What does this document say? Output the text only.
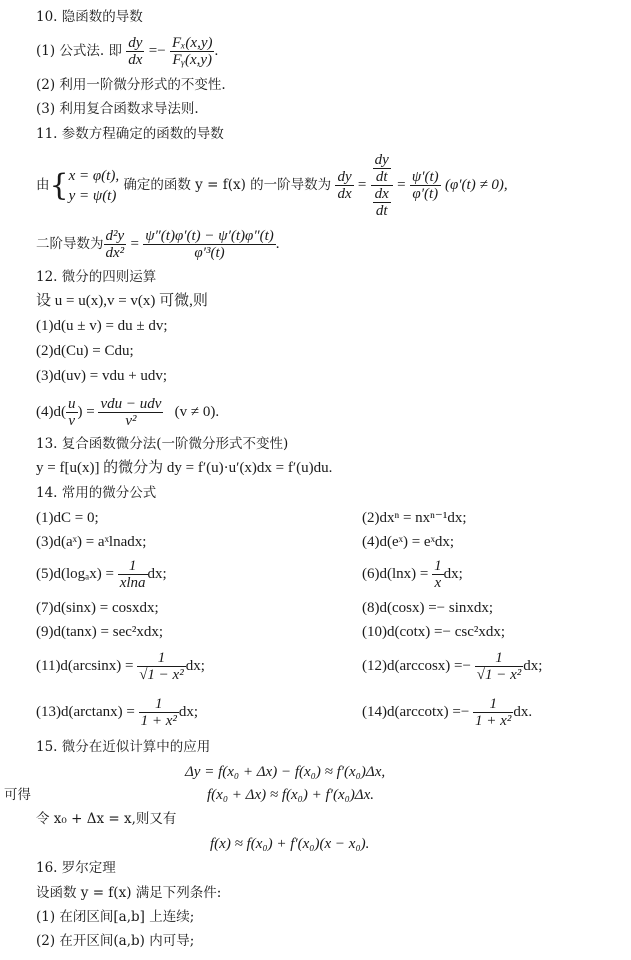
10. 隐函数的导数
(1) 公式法. 即 $\frac{dy}{dx} =- \frac{\text{Fₓ(x,y)}}{\text{Fᵧ(x,y)}}$ .
(2) 利用一阶微分形式的不变性.
(3) 利用复合函数求导法则.
11. 参数方程确定的函数的导数
由{ x = φ(t),
y = ψ(t)
确定的函数 y = f(x) 的一阶导数为 $\frac{dy}{dx} = \frac{dy}{dt}$
$\frac{dx}{dt}$
= $\frac{\psi'(t)}{\varphi'(t)} (\varphi'(t) \ne 0)$,
二阶导数为 $\frac{\text{d²y}}{\text{dx²}} = \frac{\psi''(t)\varphi'(t) - \psi'(t)\varphi''(t)}{\text{φ′³(t)}}$ .
12. 微分的四则运算
设 u = u(x),v = v(x) 可微,则
(1)d(u ± v) = du ± dv;
(2)d(Cu) = Cdu;
(3)d(uv) = vdu + udv;
$(4)d( \frac{u}{v}$ ) = vdu − udv
v²
(v ≠ 0).
13. 复合函数微分法(一阶微分形式不变性)
y = f[u(x)] 的微分为 dy = f′(u)·u′(x)dx = f′(u)du.
14. 常用的微分公式
(1)dC = 0;	(2)dxⁿ = nxⁿ⁻¹dx;
(3)d(aˣ) = aˣlnadx;	(4)d(eˣ) = eˣdx;
$(5)d(\log_ax) = \frac{1}{xlna}$ dx;	$(6)d(\ln x) = \frac{1}{x}$ dx;
(7)d(sinx) = cosxdx;	(8)d(cosx) =− sinxdx;
(9)d(tanx) = sec²xdx;	(10)d(cotx) =− csc²xdx;
$(11)d(\arcsin x) = \frac{1}{\text{√1 − x²}}$ dx;	$(12)d(\arccos x) =- \frac{1}{\text{√1 − x²}}$ dx;
$(13)d(\arctan x) = \frac{1}{\text{1 + x²}}$ dx;	$(14)d(arccotx) =- \frac{1}{\text{1 + x²}}$ dx.
15. 微分在近似计算中的应用
Δy = f(x₀ + Δx) − f(x₀) ≈ f′(x₀)Δx,
可得	f(x₀ + Δx) ≈ f(x₀) + f′(x₀)Δx.
令 x₀ + Δx = x,则又有
f(x) ≈ f(x₀) + f′(x₀)(x − x₀).
16. 罗尔定理
设函数 y = f(x) 满足下列条件:
(1) 在闭区间[a,b] 上连续;
(2) 在开区间(a,b) 内可导;
